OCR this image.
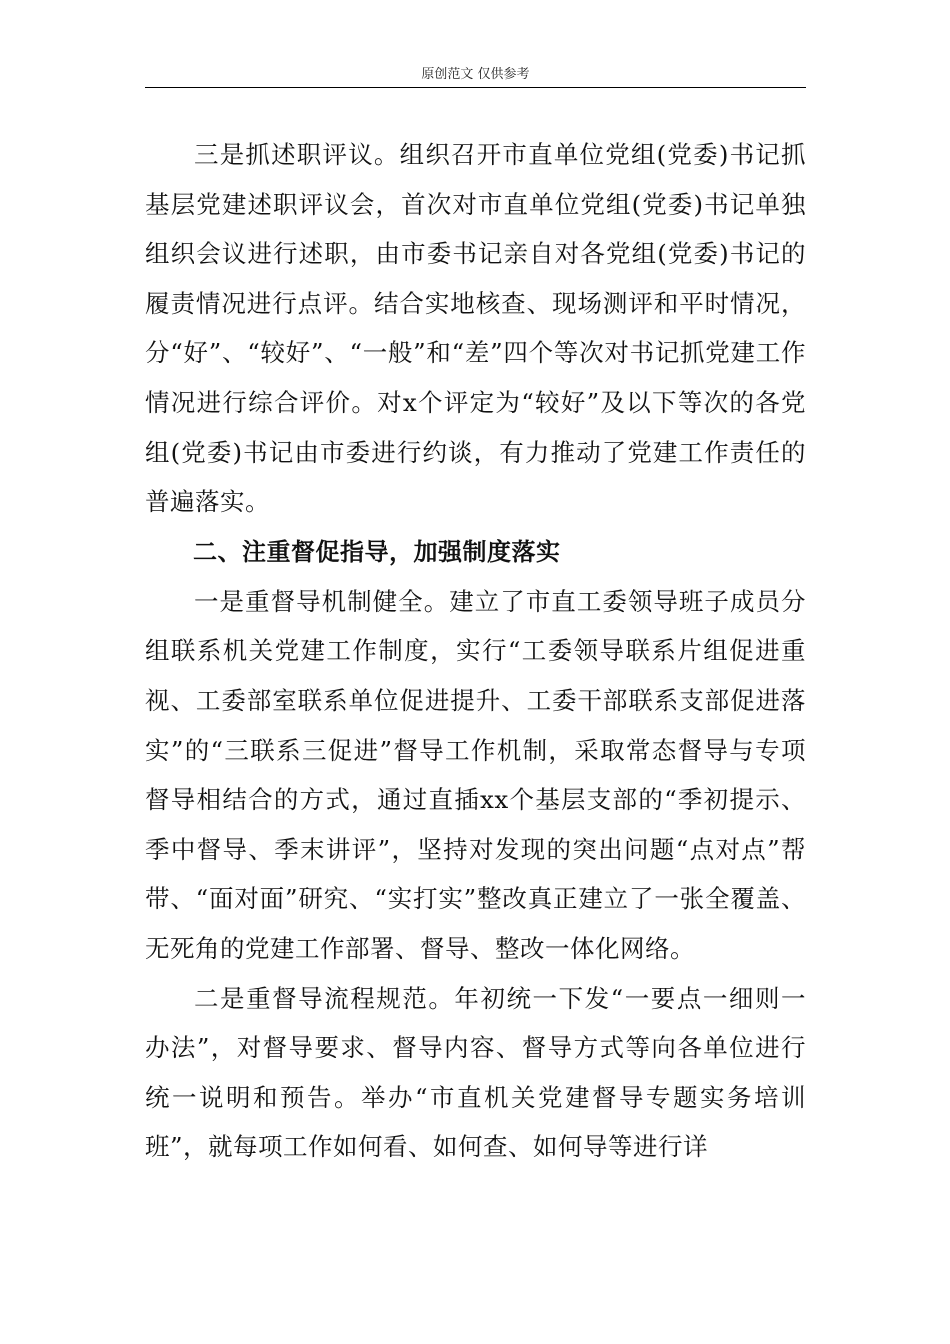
原创范文 仅供参考

三是抓述职评议。组织召开市直单位党组(党委)书记抓基层党建述职评议会，首次对市直单位党组(党委)书记单独组织会议进行述职，由市委书记亲自对各党组(党委)书记的履责情况进行点评。结合实地核查、现场测评和平时情况，分“好”、“较好”、“一般”和“差”四个等次对书记抓党建工作情况进行综合评价。对x个评定为“较好”及以下等次的各党组(党委)书记由市委进行约谈，有力推动了党建工作责任的普遍落实。

二、注重督促指导，加强制度落实

一是重督导机制健全。建立了市直工委领导班子成员分组联系机关党建工作制度，实行“工委领导联系片组促进重视、工委部室联系单位促进提升、工委干部联系支部促进落实”的“三联系三促进”督导工作机制，采取常态督导与专项督导相结合的方式，通过直插xx个基层支部的“季初提示、季中督导、季末讲评”，坚持对发现的突出问题“点对点”帮带、“面对面”研究、“实打实”整改真正建立了一张全覆盖、无死角的党建工作部署、督导、整改一体化网络。

二是重督导流程规范。年初统一下发“一要点一细则一办法”，对督导要求、督导内容、督导方式等向各单位进行统一说明和预告。举办“市直机关党建督导专题实务培训班”，就每项工作如何看、如何查、如何导等进行详
